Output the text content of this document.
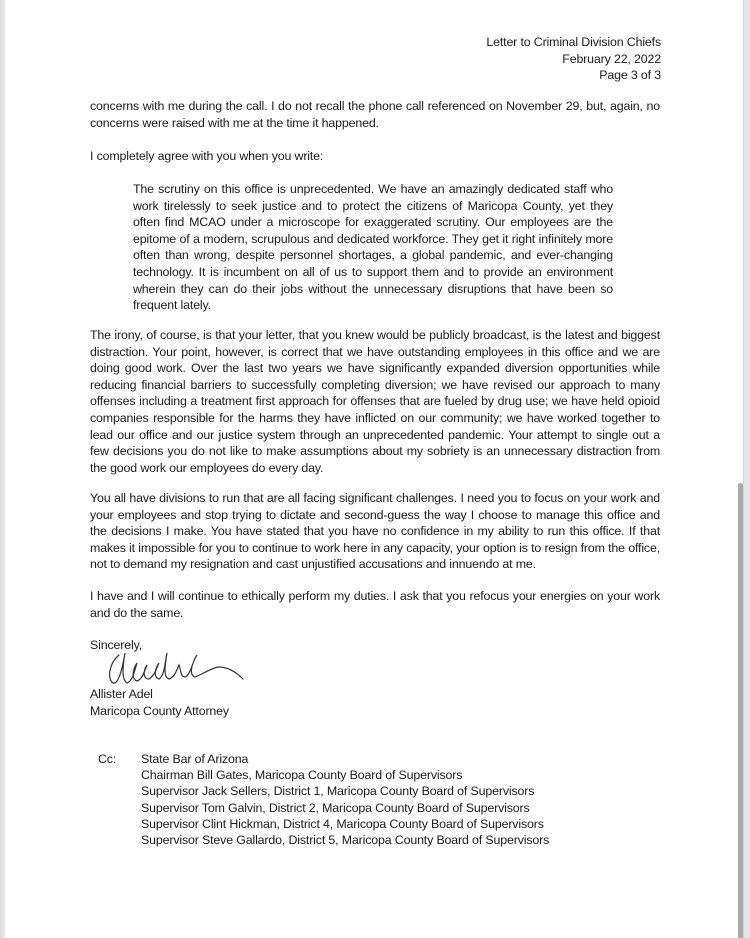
Letter to Criminal Division Chiefs
February 22, 2022
Page 3 of 3
concerns with me during the call. I do not recall the phone call referenced on November 29, but, again, no concerns were raised with me at the time it happened.
I completely agree with you when you write:
The scrutiny on this office is unprecedented. We have an amazingly dedicated staff who work tirelessly to seek justice and to protect the citizens of Maricopa County, yet they often find MCAO under a microscope for exaggerated scrutiny. Our employees are the epitome of a modern, scrupulous and dedicated workforce. They get it right infinitely more often than wrong, despite personnel shortages, a global pandemic, and ever-changing technology. It is incumbent on all of us to support them and to provide an environment wherein they can do their jobs without the unnecessary disruptions that have been so frequent lately.
The irony, of course, is that your letter, that you knew would be publicly broadcast, is the latest and biggest distraction. Your point, however, is correct that we have outstanding employees in this office and we are doing good work. Over the last two years we have significantly expanded diversion opportunities while reducing financial barriers to successfully completing diversion; we have revised our approach to many offenses including a treatment first approach for offenses that are fueled by drug use; we have held opioid companies responsible for the harms they have inflicted on our community; we have worked together to lead our office and our justice system through an unprecedented pandemic. Your attempt to single out a few decisions you do not like to make assumptions about my sobriety is an unnecessary distraction from the good work our employees do every day.
You all have divisions to run that are all facing significant challenges. I need you to focus on your work and your employees and stop trying to dictate and second-guess the way I choose to manage this office and the decisions I make. You have stated that you have no confidence in my ability to run this office. If that makes it impossible for you to continue to work here in any capacity, your option is to resign from the office, not to demand my resignation and cast unjustified accusations and innuendo at me.
I have and I will continue to ethically perform my duties. I ask that you refocus your energies on your work and do the same.
Sincerely,
Allister Adel
Maricopa County Attorney
Cc: State Bar of Arizona
Chairman Bill Gates, Maricopa County Board of Supervisors
Supervisor Jack Sellers, District 1, Maricopa County Board of Supervisors
Supervisor Tom Galvin, District 2, Maricopa County Board of Supervisors
Supervisor Clint Hickman, District 4, Maricopa County Board of Supervisors
Supervisor Steve Gallardo, District 5, Maricopa County Board of Supervisors
